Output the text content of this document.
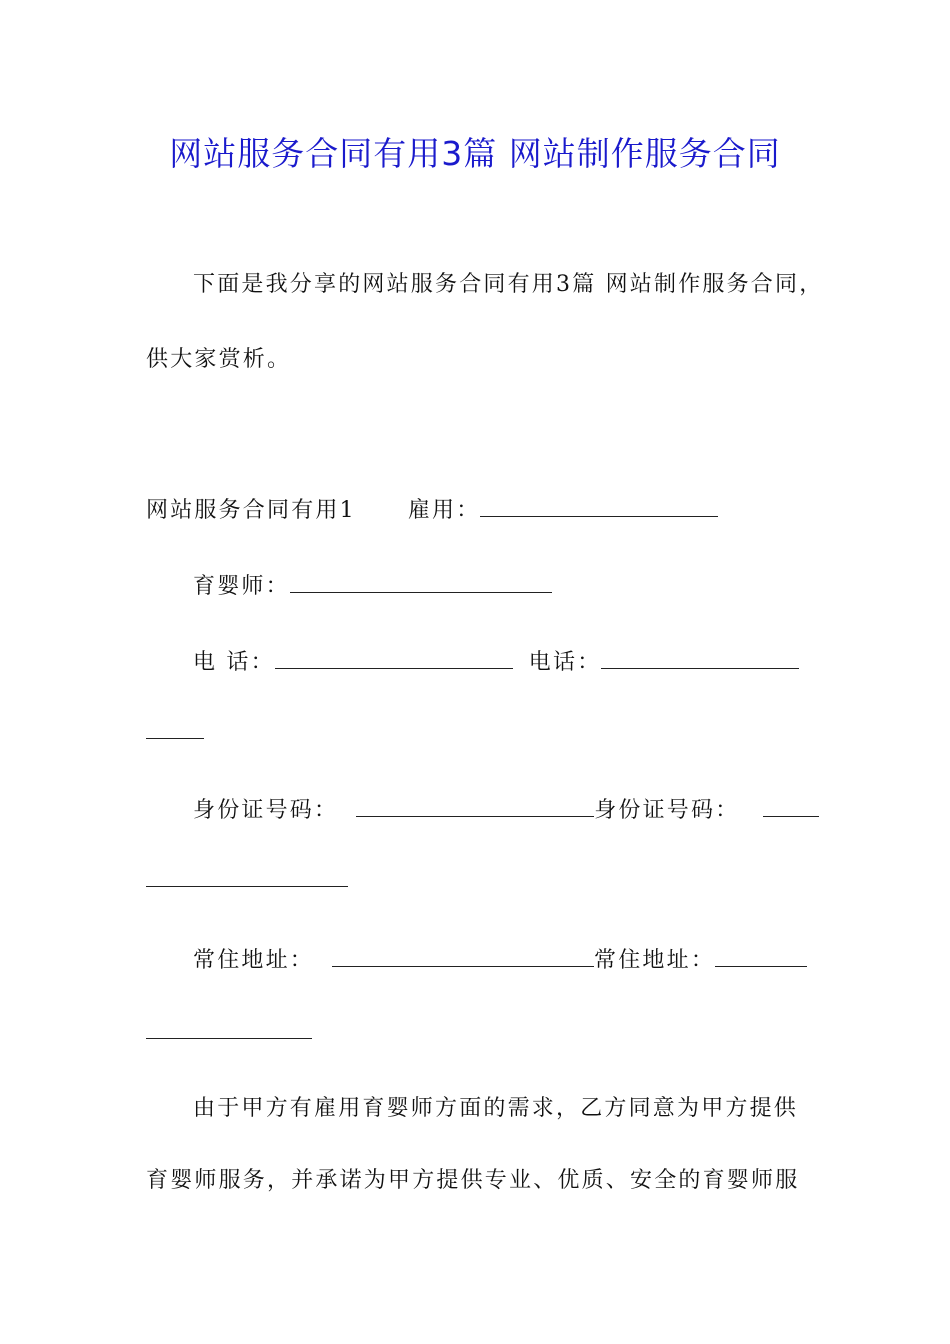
网站服务合同有用3篇 网站制作服务合同
下面是我分享的网站服务合同有用3篇 网站制作服务合同，
供大家赏析。
网站服务合同有用1 雇用：
育婴师：
电 话：	电话：
身份证号码：	身份证号码：
常住地址：	常住地址：
由于甲方有雇用育婴师方面的需求，乙方同意为甲方提供
育婴师服务，并承诺为甲方提供专业、优质、安全的育婴师服
